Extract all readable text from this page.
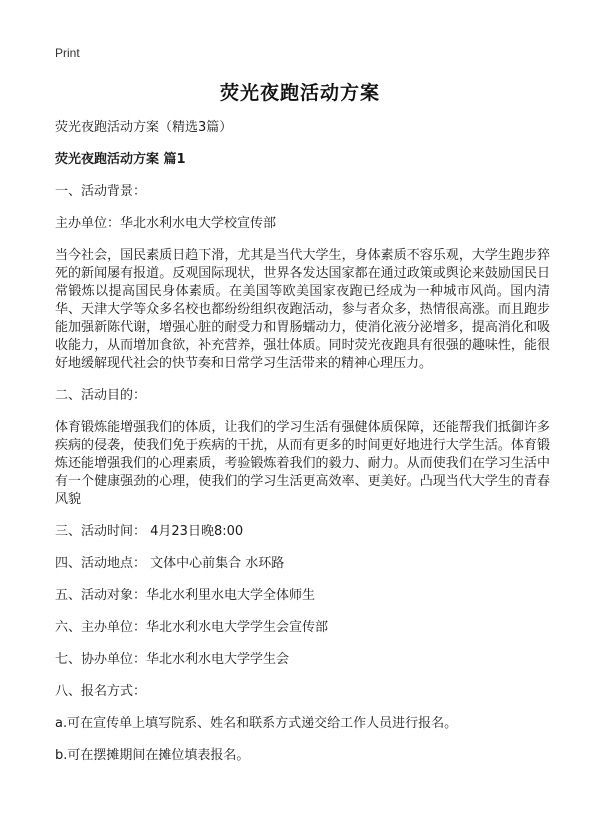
Print
荧光夜跑活动方案

荧光夜跑活动方案（精选3篇）

荧光夜跑活动方案 篇1

一、活动背景：

主办单位：华北水利水电大学校宣传部

当今社会，国民素质日趋下滑，尤其是当代大学生，身体素质不容乐观，大学生跑步猝死的新闻屡有报道。反观国际现状，世界各发达国家都在通过政策或舆论来鼓励国民日常锻炼以提高国民身体素质。在美国等欧美国家夜跑已经成为一种城市风尚。国内清华、天津大学等众多名校也都纷纷组织夜跑活动，参与者众多，热情很高涨。而且跑步能加强新陈代谢，增强心脏的耐受力和胃肠蠕动力，使消化液分泌增多，提高消化和吸收能力，从而增加食欲，补充营养，强壮体质。同时荧光夜跑具有很强的趣味性，能很好地缓解现代社会的快节奏和日常学习生活带来的精神心理压力。

二、活动目的：

体育锻炼能增强我们的体质，让我们的学习生活有强健体质保障，还能帮我们抵御许多疾病的侵袭，使我们免于疾病的干扰，从而有更多的时间更好地进行大学生活。体育锻炼还能增强我们的心理素质，考验锻炼着我们的毅力、耐力。从而使我们在学习生活中有一个健康强劲的心理，使我们的学习生活更高效率、更美好。凸现当代大学生的青春风貌

三、活动时间： 4月23日晚8:00

四、活动地点： 文体中心前集合 水环路

五、活动对象：华北水利里水电大学全体师生

六、主办单位：华北水利水电大学学生会宣传部

七、协办单位：华北水利水电大学学生会

八、报名方式：

a.可在宣传单上填写院系、姓名和联系方式递交给工作人员进行报名。

b.可在摆摊期间在摊位填表报名。
